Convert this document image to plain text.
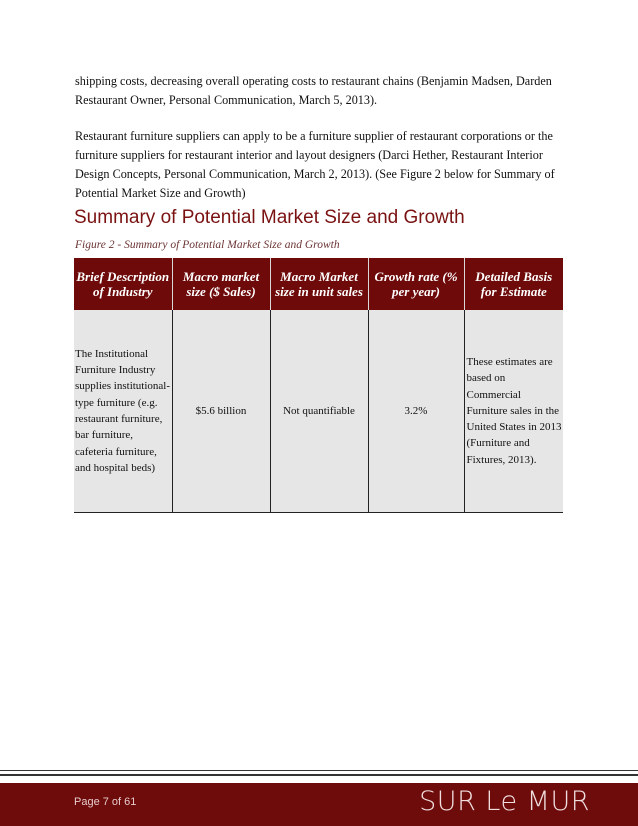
shipping costs, decreasing overall operating costs to restaurant chains (Benjamin Madsen, Darden Restaurant Owner, Personal Communication, March 5, 2013).

Restaurant furniture suppliers can apply to be a furniture supplier of restaurant corporations or the furniture suppliers for restaurant interior and layout designers (Darci Hether, Restaurant Interior Design Concepts, Personal Communication, March 2, 2013). (See Figure 2 below for Summary of Potential Market Size and Growth)

Summary of Potential Market Size and Growth

Figure 2 - Summary of Potential Market Size and Growth

Brief Description of Industry	Macro market size ($ Sales)	Macro Market size in unit sales	Growth rate (% per year)	Detailed Basis for Estimate
The Institutional Furniture Industry supplies institutional-type furniture (e.g. restaurant furniture, bar furniture, cafeteria furniture, and hospital beds)	$5.6 billion	Not quantifiable	3.2%	These estimates are based on Commercial Furniture sales in the United States in 2013 (Furniture and Fixtures, 2013).
Page 7 of 61	SUR Le MUR
